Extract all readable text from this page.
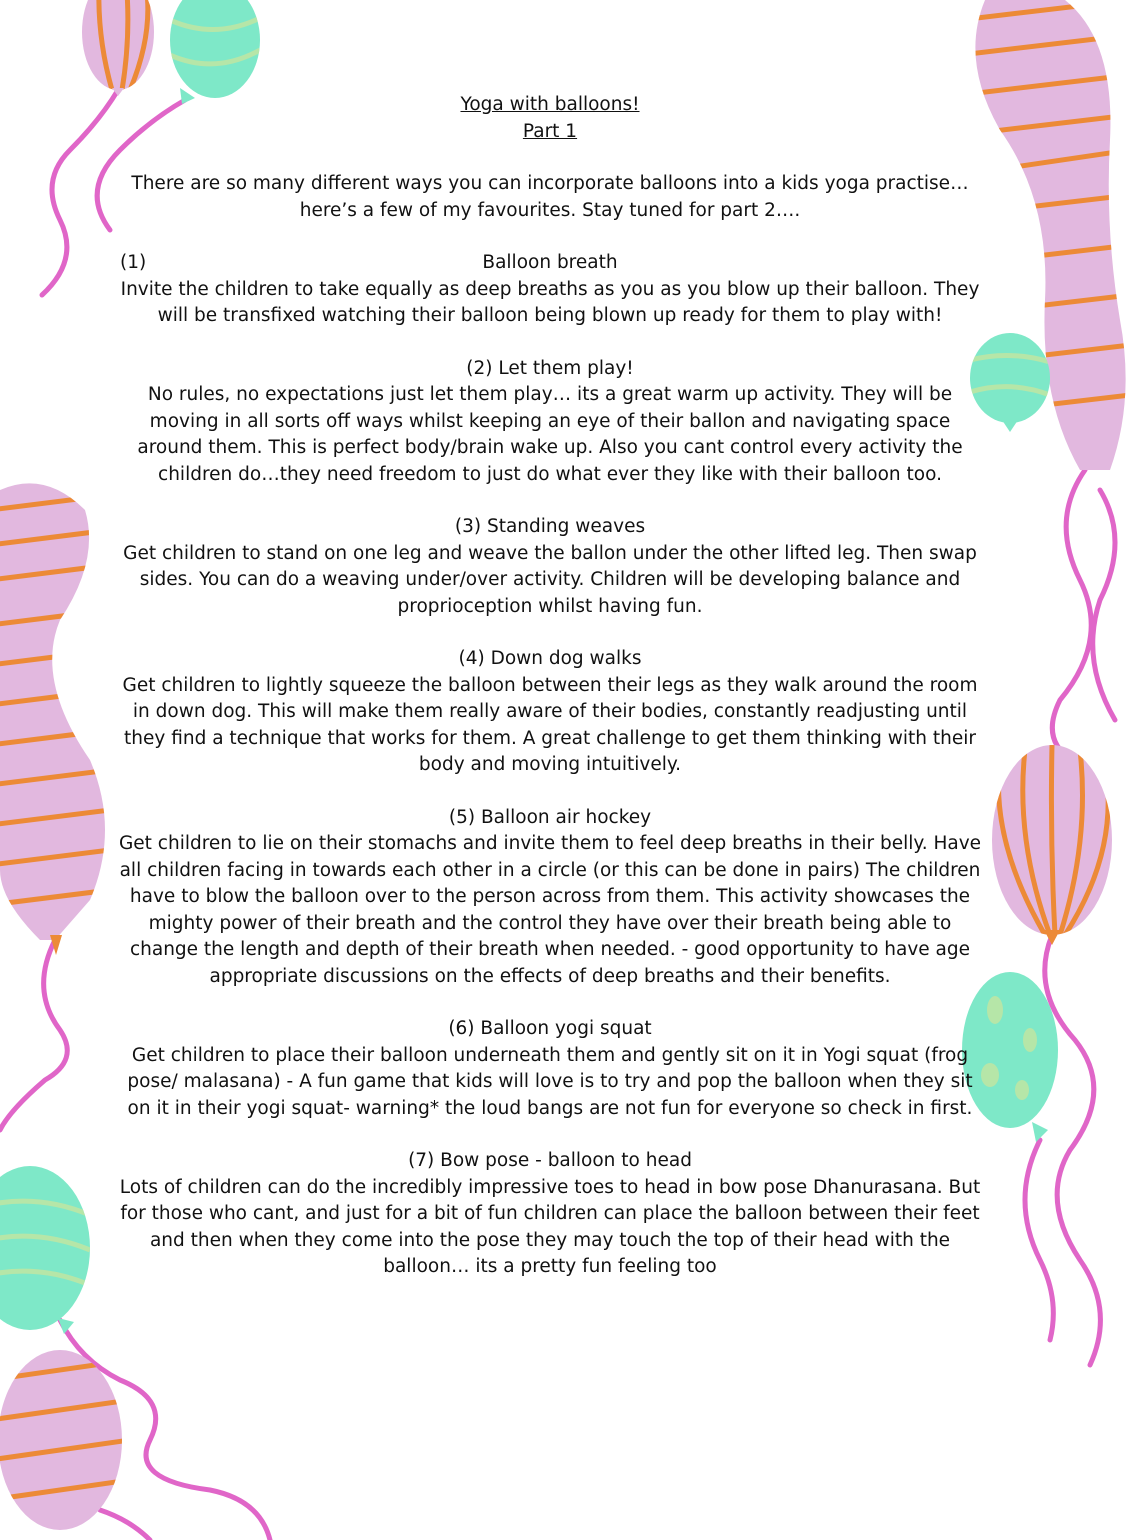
Yoga with balloons!

Part 1

There are so many different ways you can incorporate balloons into a kids yoga practise… here’s a few of my favourites. Stay tuned for part 2….

(1)	Balloon breath

Invite the children to take equally as deep breaths as you as you blow up their balloon. They will be transfixed watching their balloon being blown up ready for them to play with!

(2) Let them play!

No rules, no expectations just let them play… its a great warm up activity. They will be moving in all sorts off ways whilst keeping an eye of their ballon and navigating space around them. This is perfect body/brain wake up. Also you cant control every activity the children do…they need freedom to just do what ever they like with their balloon too.

(3) Standing weaves

Get children to stand on one leg and weave the ballon under the other lifted leg. Then swap sides. You can do a weaving under/over activity. Children will be developing balance and proprioception whilst having fun.

(4) Down dog walks

Get children to lightly squeeze the balloon between their legs as they walk around the room in down dog. This will make them really aware of their bodies, constantly readjusting until they find a technique that works for them. A great challenge to get them thinking with their body and moving intuitively.

(5) Balloon air hockey

Get children to lie on their stomachs and invite them to feel deep breaths in their belly. Have all children facing in towards each other in a circle (or this can be done in pairs) The children have to blow the balloon over to the person across from them. This activity showcases the mighty power of their breath and the control they have over their breath being able to change the length and depth of their breath when needed. - good opportunity to have age appropriate discussions on the effects of deep breaths and their benefits.

(6) Balloon yogi squat

Get children to place their balloon underneath them and gently sit on it in Yogi squat (frog pose/ malasana) - A fun game that kids will love is to try and pop the balloon when they sit on it in their yogi squat- warning* the loud bangs are not fun for everyone so check in first.

(7) Bow pose - balloon to head

Lots of children can do the incredibly impressive toes to head in bow pose Dhanurasana. But for those who cant, and just for a bit of fun children can place the balloon between their feet and then when they come into the pose they may touch the top of their head with the balloon… its a pretty fun feeling too
